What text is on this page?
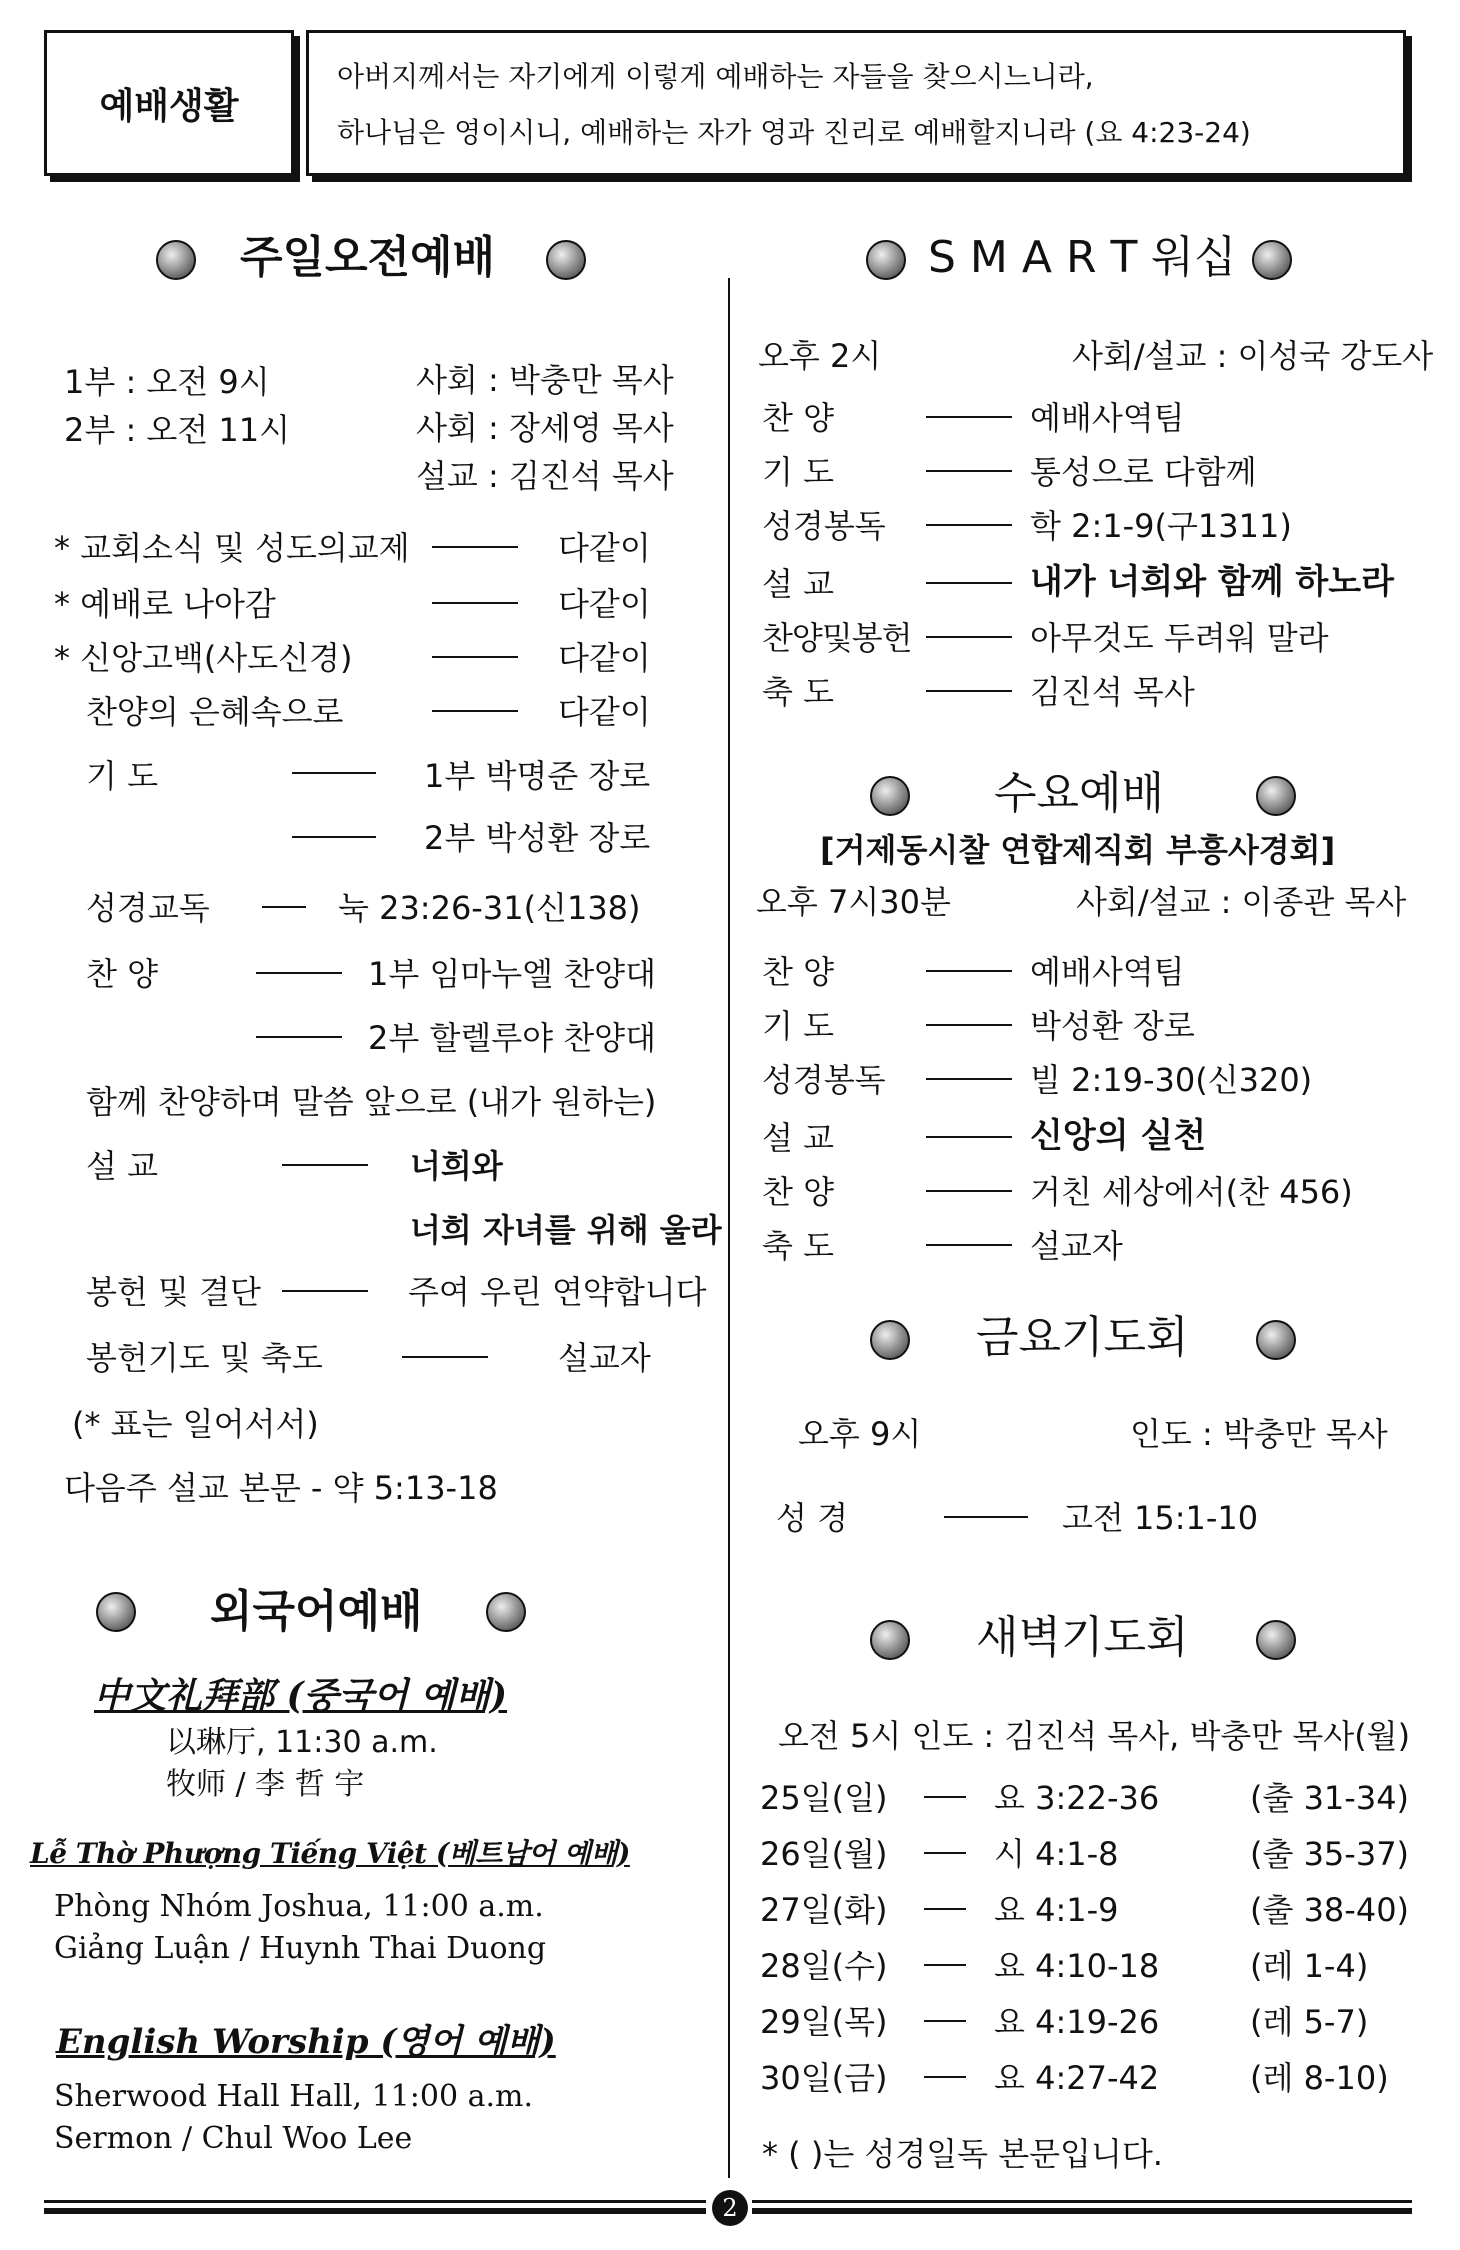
예배생활
아버지께서는 자기에게 이렇게 예배하는 자들을 찾으시느니라,
하나님은 영이시니, 예배하는 자가 영과 진리로 예배할지니라 (요 4:23-24)
주일오전예배
1부 : 오전 9시	사회 : 박충만 목사
2부 : 오전 11시	사회 : 장세영 목사
설교 : 김진석 목사
* 교회소식 및 성도의교제	다같이
* 예배로 나아감	다같이
* 신앙고백(사도신경)	다같이
찬양의 은혜속으로	다같이
기 도	1부 박명준 장로
2부 박성환 장로
성경교독	눅 23:26-31(신138)
찬 양	1부 임마누엘 찬양대
2부 할렐루야 찬양대
함께 찬양하며 말씀 앞으로 (내가 원하는)
설 교	너희와
너희 자녀를 위해 울라
봉헌 및 결단	주여 우린 연약합니다
봉헌기도 및 축도	설교자
(* 표는 일어서서)
다음주 설교 본문 - 약 5:13-18
외국어예배
中文礼拜部 (중국어 예배)
以琳厅, 11:30 a.m.
牧师 / 李 哲 宇
Lễ Thờ Phượng Tiếng Việt (베트남어 예배)
Phòng Nhóm Joshua, 11:00 a.m.
Giảng Luận / Huynh Thai Duong
English Worship (영어 예배)
Sherwood Hall Hall, 11:00 a.m.
Sermon / Chul Woo Lee
S M A R T 워십
오후 2시	사회/설교 : 이성국 강도사
찬 양	예배사역팀
기 도	통성으로 다함께
성경봉독	학 2:1-9(구1311)
설 교	내가 너희와 함께 하노라
찬양및봉헌	아무것도 두려워 말라
축 도	김진석 목사
수요예배
[거제동시찰 연합제직회 부흥사경회]
오후 7시30분	사회/설교 : 이종관 목사
찬 양	예배사역팀
기 도	박성환 장로
성경봉독	빌 2:19-30(신320)
설 교	신앙의 실천
찬 양	거친 세상에서(찬 456)
축 도	설교자
금요기도회
오후 9시	인도 : 박충만 목사
성 경	고전 15:1-10
새벽기도회
오전 5시 인도 : 김진석 목사, 박충만 목사(월)
25일(일)	요 3:22-36	(출 31-34)
26일(월)	시 4:1-8	(출 35-37)
27일(화)	요 4:1-9	(출 38-40)
28일(수)	요 4:10-18	(레 1-4)
29일(목)	요 4:19-26	(레 5-7)
30일(금)	요 4:27-42	(레 8-10)
* ( )는 성경일독 본문입니다.
2
